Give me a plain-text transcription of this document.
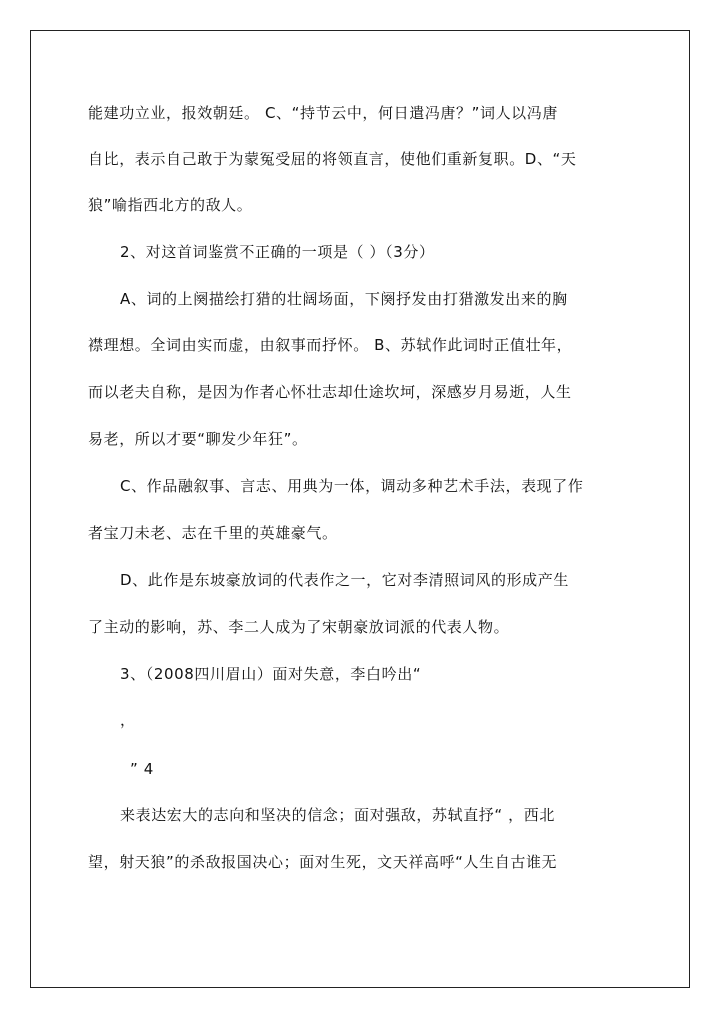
能建功立业，报效朝廷。 C、“持节云中，何日遣冯唐？”词人以冯唐
自比，表示自己敢于为蒙冤受屈的将领直言，使他们重新复职。D、“天
狼”喻指西北方的敌人。
2、对这首词鉴赏不正确的一项是（ ）（3分）
A、词的上阕描绘打猎的壮阔场面，下阕抒发由打猎激发出来的胸
襟理想。全词由实而虚，由叙事而抒怀。 B、苏轼作此词时正值壮年，
而以老夫自称，是因为作者心怀壮志却仕途坎坷，深感岁月易逝，人生
易老，所以才要“聊发少年狂”。
C、作品融叙事、言志、用典为一体，调动多种艺术手法，表现了作
者宝刀未老、志在千里的英雄豪气。
D、此作是东坡豪放词的代表作之一，它对李清照词风的形成产生
了主动的影响，苏、李二人成为了宋朝豪放词派的代表人物。
3、（2008四川眉山）面对失意，李白吟出“
，
” 4
来表达宏大的志向和坚决的信念；面对强敌，苏轼直抒“ ，西北
望，射天狼”的杀敌报国决心；面对生死，文天祥高呼“人生自古谁无
